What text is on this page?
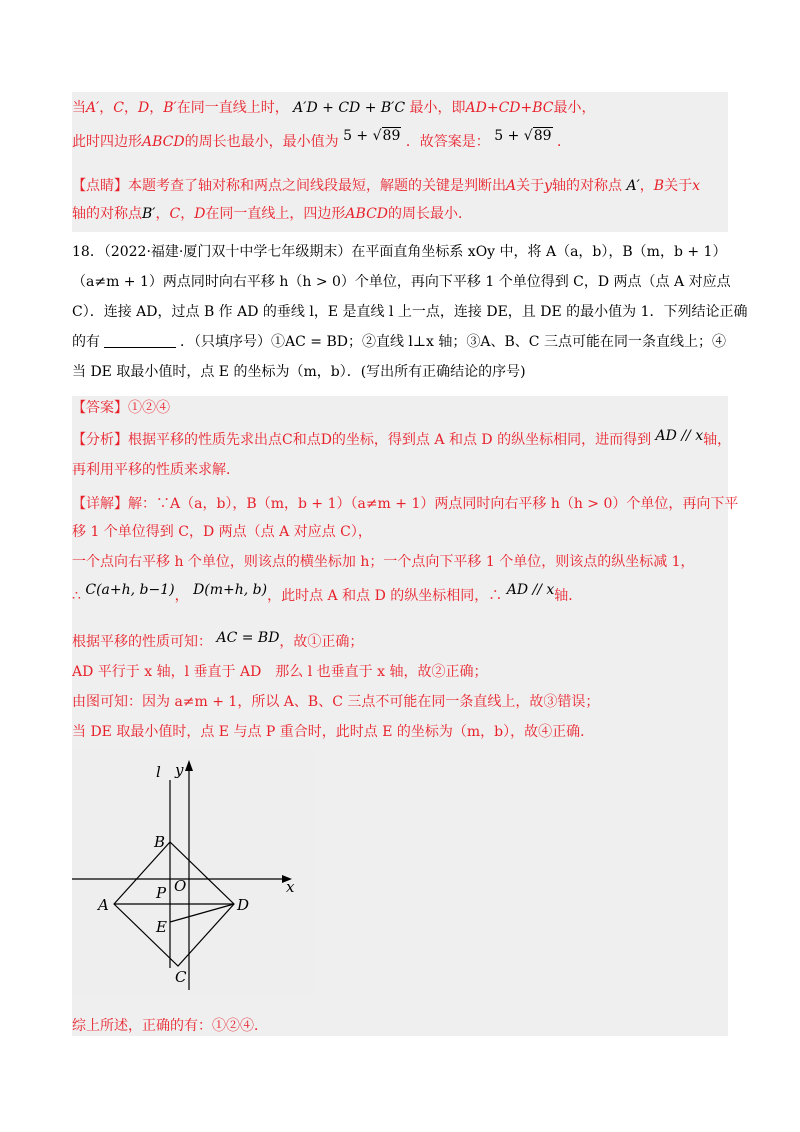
当A′，C，D，B′在同一直线上时， A′D + CD + B′C 最小，即AD+CD+BC最小，
此时四边形ABCD的周长也最小，最小值为 5 + √89 ．故答案是： 5 + √89 ．
【点睛】本题考查了轴对称和两点之间线段最短，解题的关键是判断出A关于y轴的对称点 A′，B关于x
轴的对称点B′，C，D在同一直线上，四边形ABCD的周长最小．
18．（2022·福建·厦门双十中学七年级期末）在平面直角坐标系 xOy 中，将 A（a，b），B（m，b + 1）
（a≠m + 1）两点同时向右平移 h（h > 0）个单位，再向下平移 1 个单位得到 C，D 两点（点 A 对应点
C）．连接 AD，过点 B 作 AD 的垂线 l，E 是直线 l 上一点，连接 DE，且 DE 的最小值为 1．下列结论正确
的有	．（只填序号）①AC = BD；②直线 l⊥x 轴；③A、B、C 三点可能在同一条直线上；④
当 DE 取最小值时，点 E 的坐标为（m，b）．(写出所有正确结论的序号)
【答案】①②④
【分析】根据平移的性质先求出点C和点D的坐标，得到点 A 和点 D 的纵坐标相同，进而得到 AD // x轴，
再利用平移的性质来求解．
【详解】解：∵A（a，b），B（m，b + 1）（a≠m + 1）两点同时向右平移 h（h > 0）个单位，再向下平
移 1 个单位得到 C，D 两点（点 A 对应点 C），
一个点向右平移 h 个单位，则该点的横坐标加 h；一个点向下平移 1 个单位，则该点的纵坐标减 1，
∴ C(a+h, b−1)， D(m+h, b)，此时点 A 和点 D 的纵坐标相同，∴ AD // x轴．
根据平移的性质可知： AC = BD，故①正确；
AD 平行于 x 轴，l 垂直于 AD　那么 l 也垂直于 x 轴，故②正确；
由图可知：因为 a≠m + 1，所以 A、B、C 三点不可能在同一条直线上，故③错误；
当 DE 取最小值时，点 E 与点 P 重合时，此时点 E 的坐标为（m，b），故④正确．
综上所述，正确的有：①②④．
l y
x
B
O
P
A	D
E
C
